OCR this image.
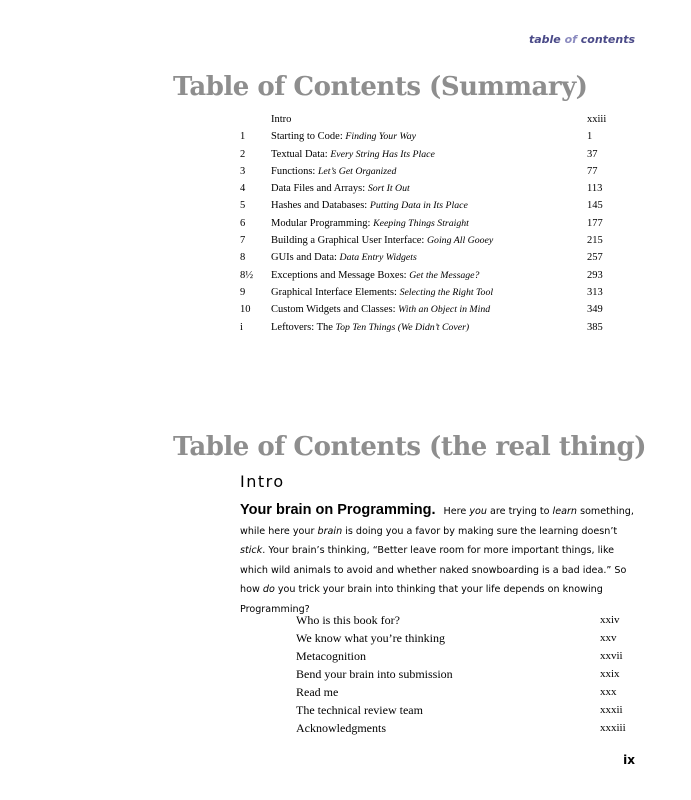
table of contents
Table of Contents (Summary)
Intro	xxiii
1 Starting to Code: Finding Your Way	1
2 Textual Data: Every String Has Its Place	37
3 Functions: Let’s Get Organized	77
4 Data Files and Arrays: Sort It Out	113
5 Hashes and Databases: Putting Data in Its Place	145
6 Modular Programming: Keeping Things Straight	177
7 Building a Graphical User Interface: Going All Gooey	215
8 GUIs and Data: Data Entry Widgets	257
8½ Exceptions and Message Boxes: Get the Message?	293
9 Graphical Interface Elements: Selecting the Right Tool	313
10 Custom Widgets and Classes: With an Object in Mind	349
i	Leftovers: The Top Ten Things (We Didn’t Cover)	385
Table of Contents (the real thing)
Intro
Your brain on Programming. Here you are trying to learn something, while here your brain is doing you a favor by making sure the learning doesn’t stick. Your brain’s thinking, “Better leave room for more important things, like which wild animals to avoid and whether naked snowboarding is a bad idea.” So how do you trick your brain into thinking that your life depends on knowing Programming?
Who is this book for?	xxiv
We know what you’re thinking	xxv
Metacognition	xxvii
Bend your brain into submission	xxix
Read me	xxx
The technical review team	xxxii
Acknowledgments	xxxiii
ix
